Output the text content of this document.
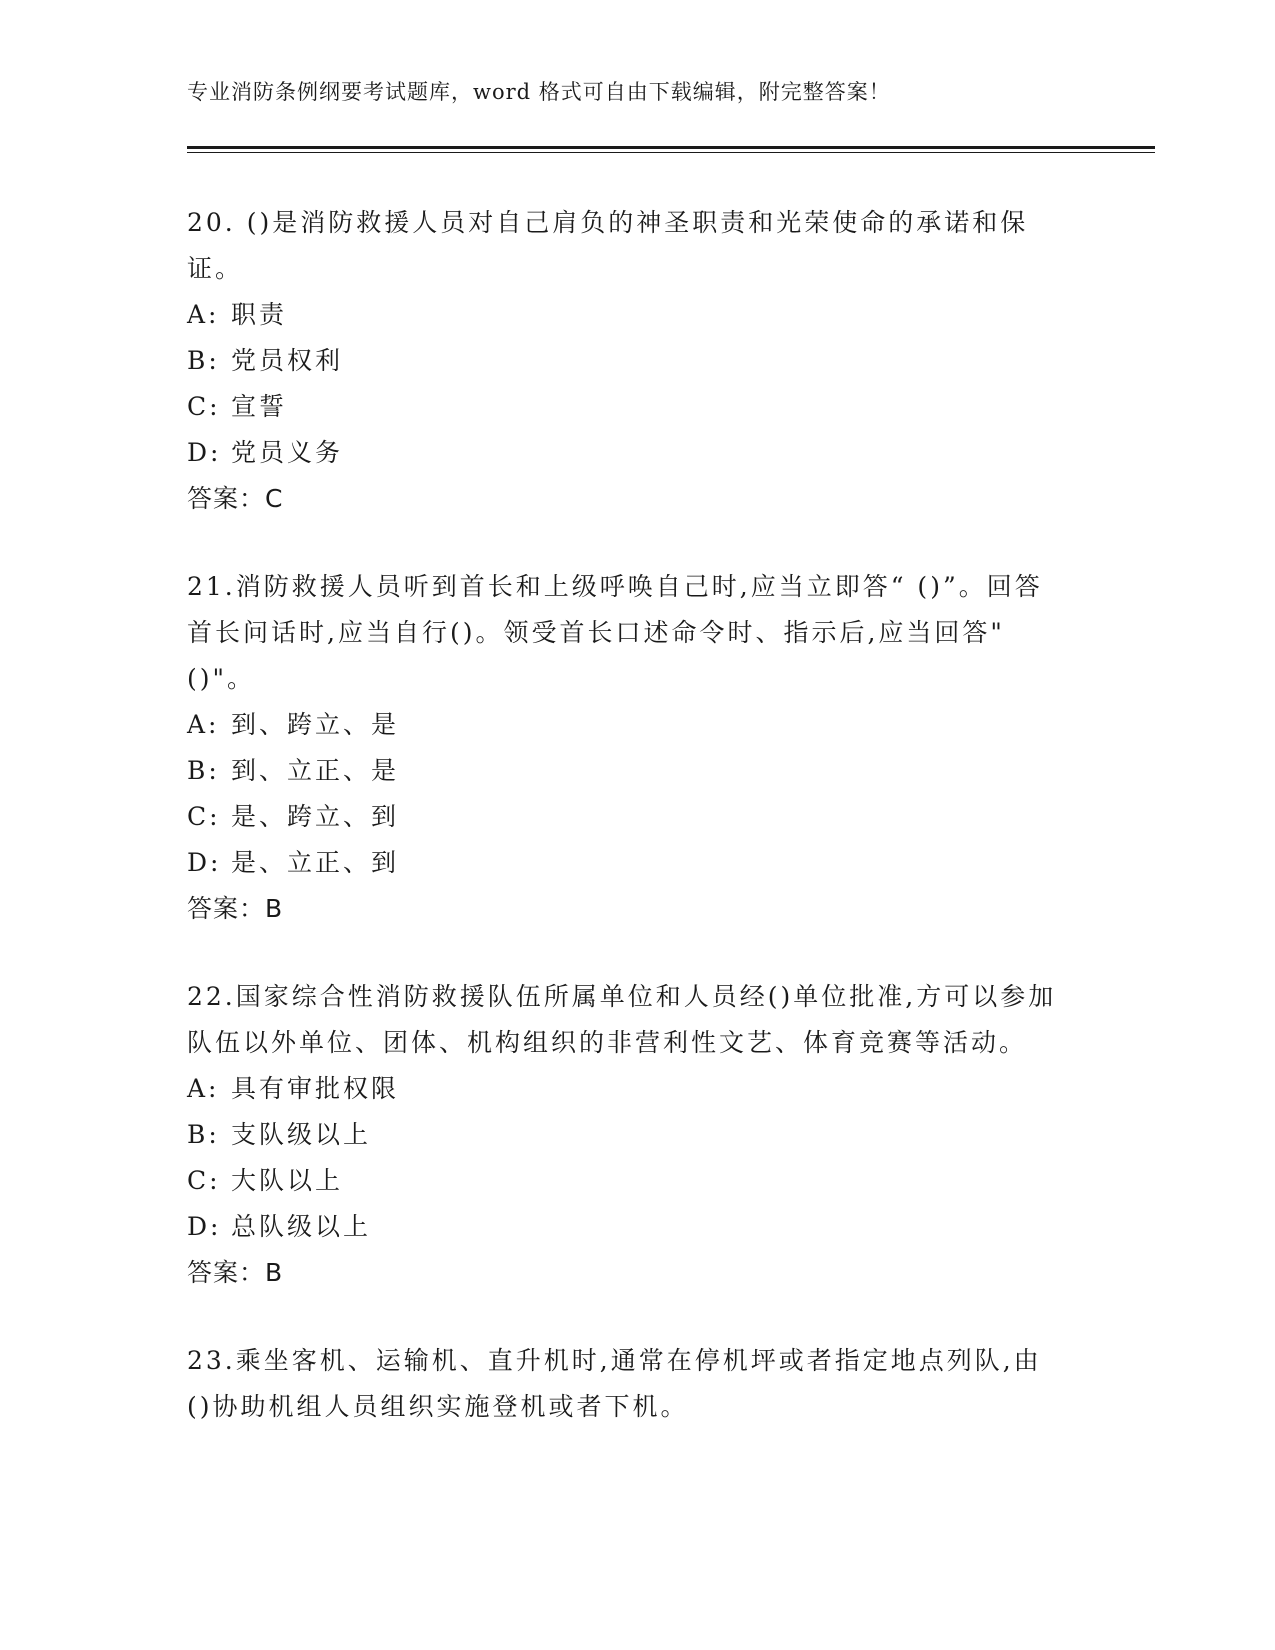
专业消防条例纲要考试题库，word 格式可自由下载编辑，附完整答案！

20. ()是消防救援人员对自己肩负的神圣职责和光荣使命的承诺和保证。

A: 职责
B: 党员权利
C: 宣誓
D: 党员义务

答案：C

21.消防救援人员听到首长和上级呼唤自己时,应当立即答“ ()”。回答首长问话时,应当自行()。领受首长口述命令时、指示后,应当回答"()"。

A: 到、跨立、是
B: 到、立正、是
C: 是、跨立、到
D: 是、立正、到

答案：B

22.国家综合性消防救援队伍所属单位和人员经()单位批准,方可以参加队伍以外单位、团体、机构组织的非营利性文艺、体育竞赛等活动。

A: 具有审批权限
B: 支队级以上
C: 大队以上
D: 总队级以上

答案：B

23.乘坐客机、运输机、直升机时,通常在停机坪或者指定地点列队,由()协助机组人员组织实施登机或者下机。
